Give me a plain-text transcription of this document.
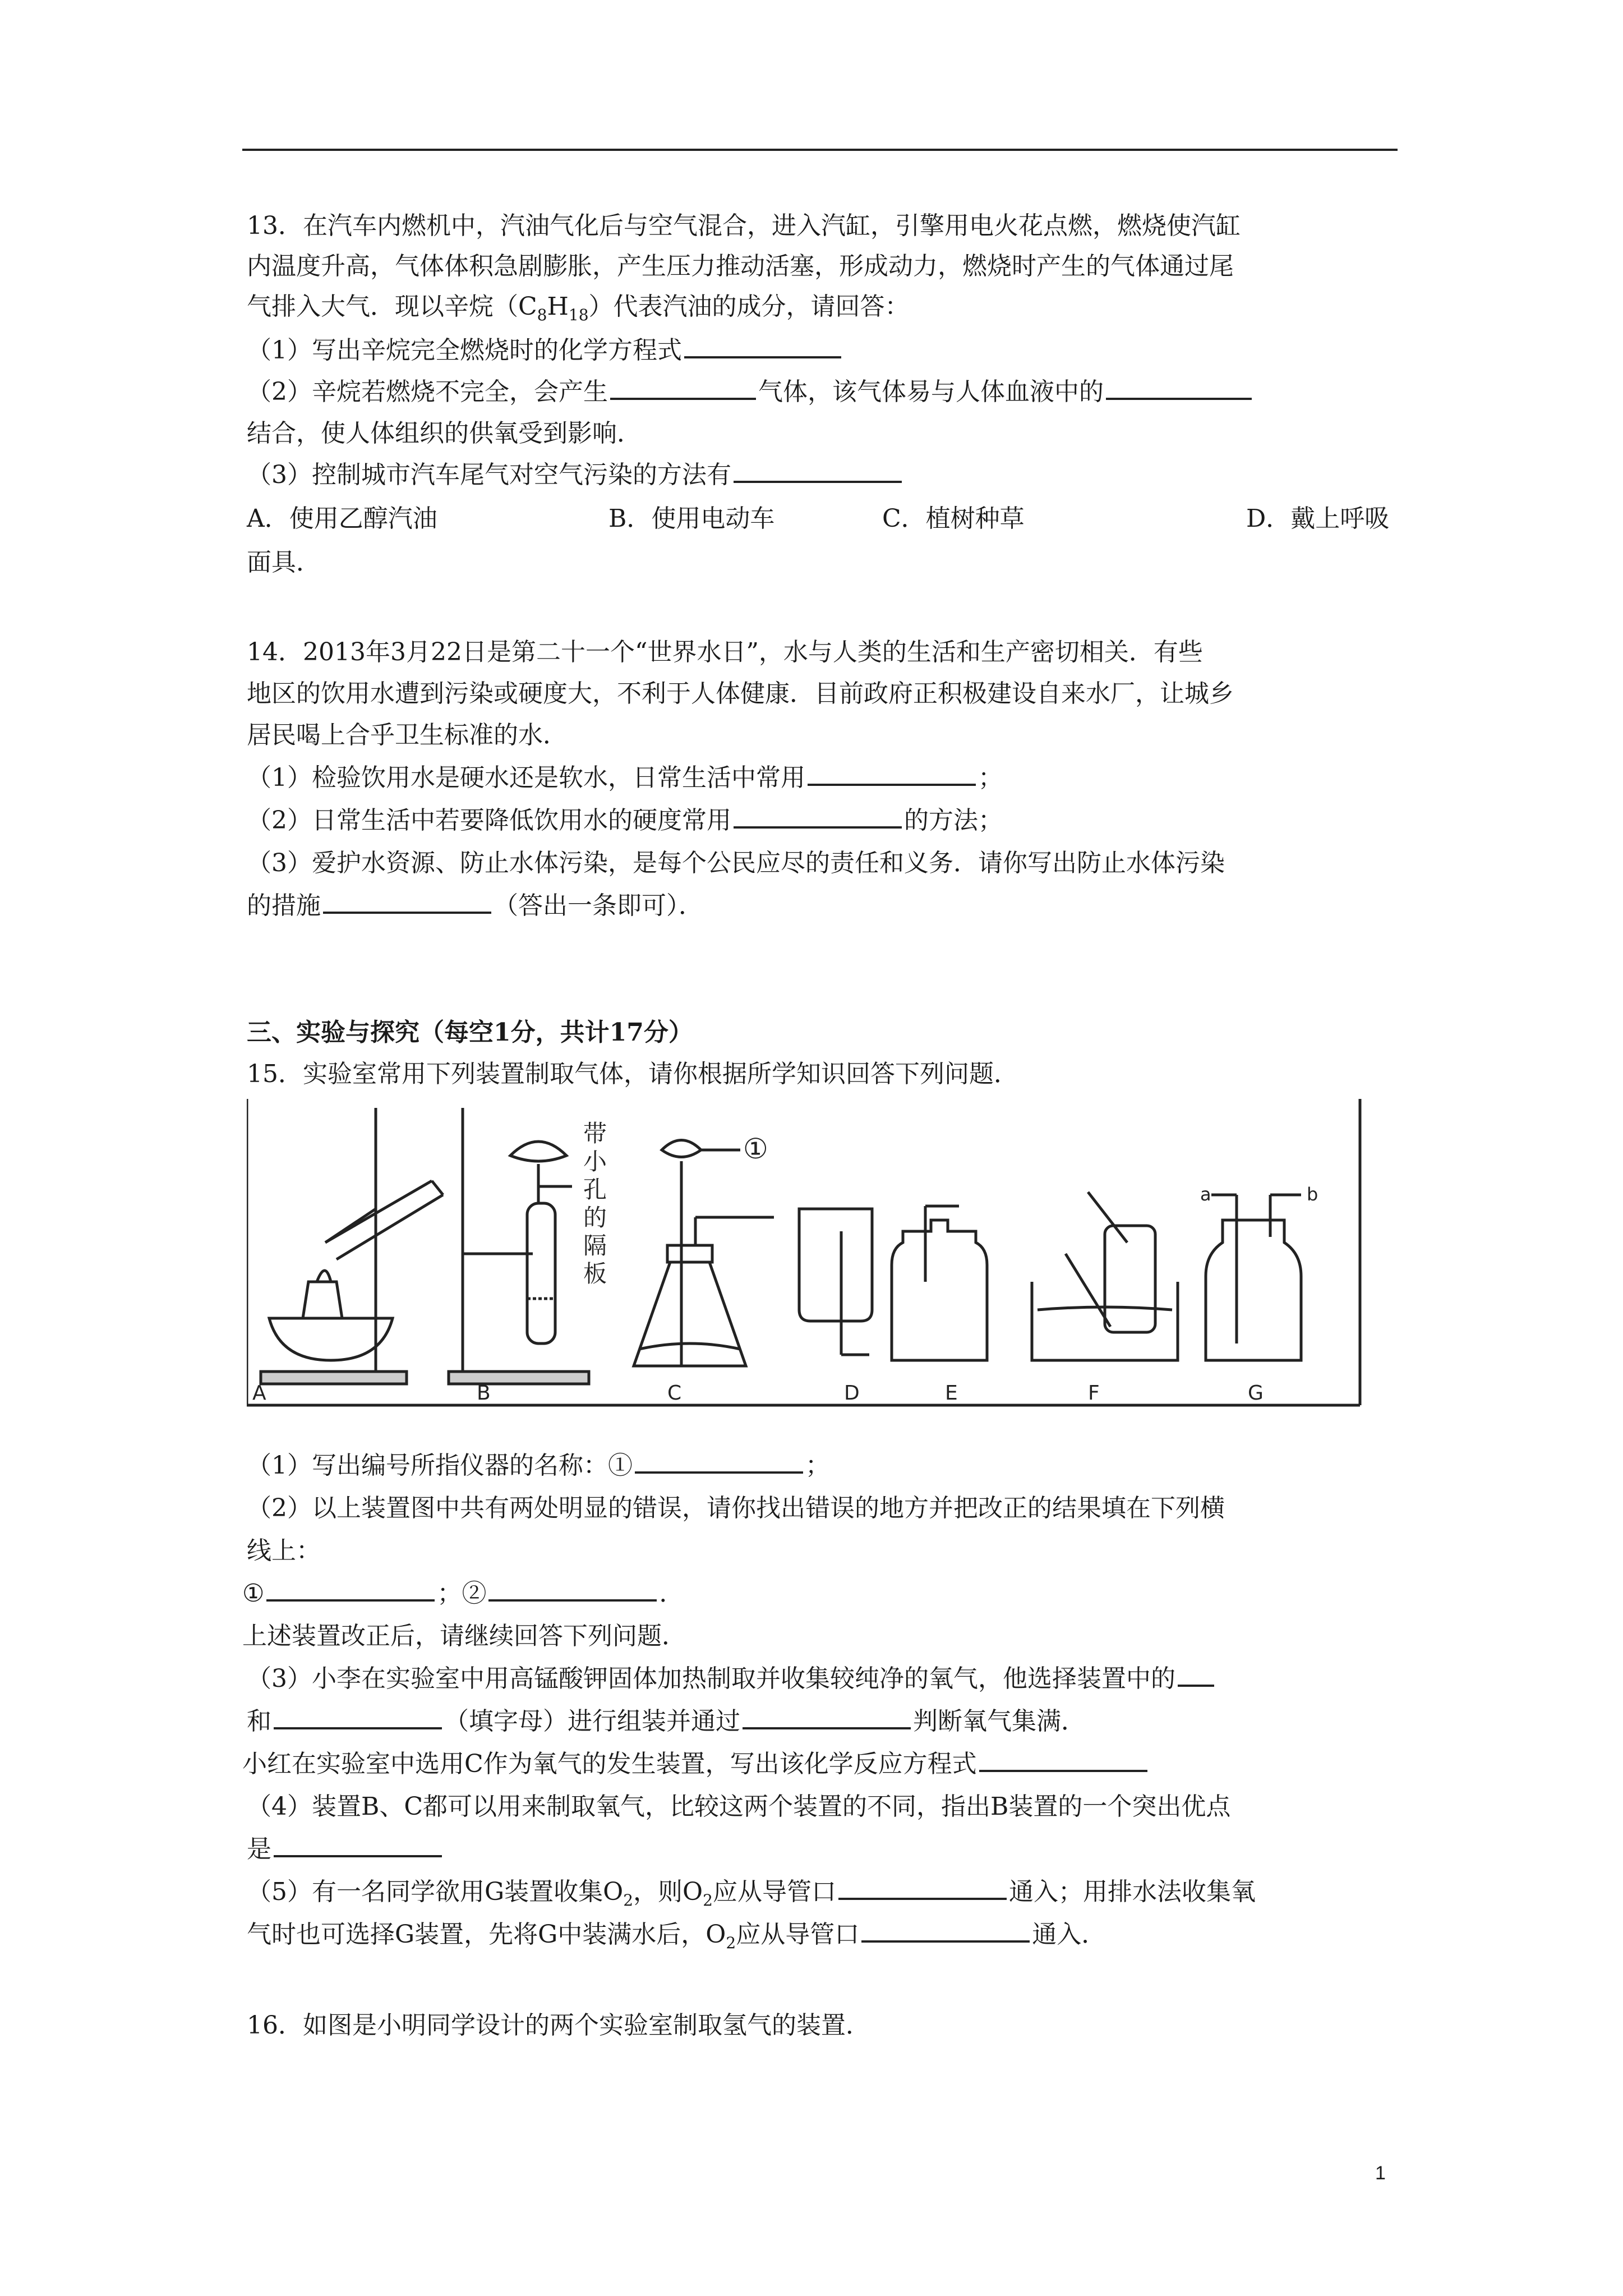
13．在汽车内燃机中，汽油气化后与空气混合，进入汽缸，引擎用电火花点燃，燃烧使汽缸
内温度升高，气体体积急剧膨胀，产生压力推动活塞，形成动力，燃烧时产生的气体通过尾
气排入大气．现以辛烷$(C_8H_{18})$代表汽油的成分，请回答：
（1）写出辛烷完全燃烧时的化学方程式
（2）辛烷若燃烧不完全，会产生	气体，该气体易与人体血液中的
结合，使人体组织的供氧受到影响．
（3）控制城市汽车尾气对空气污染的方法有
A．使用乙醇汽油	B．使用电动车	C．植树种草	D．戴上呼吸
面具．
14．2013年3月22日是第二十一个“世界水日”，水与人类的生活和生产密切相关．有些
地区的饮用水遭到污染或硬度大，不利于人体健康．目前政府正积极建设自来水厂，让城乡
居民喝上合乎卫生标准的水．
（1）检验饮用水是硬水还是软水，日常生活中常用	；
（2）日常生活中若要降低饮用水的硬度常用	的方法；
（3）爱护水资源、防止水体污染，是每个公民应尽的责任和义务．请你写出防止水体污染
的措施	（答出一条即可）．
三、实验与探究（每空1分，共计17分）
15．实验室常用下列装置制取气体，请你根据所学知识回答下列问题．
带
小
孔
的
隔
板
①
a	b
A	B	C	D	E	F	G
（1）写出编号所指仪器的名称：①	；
（2）以上装置图中共有两处明显的错误，请你找出错误的地方并把改正的结果填在下列横
线上：
①	；②	．
上述装置改正后，请继续回答下列问题．
（3）小李在实验室中用高锰酸钾固体加热制取并收集较纯净的氧气，他选择装置中的
和	（填字母）进行组装并通过	判断氧气集满．
小红在实验室中选用C作为氧气的发生装置，写出该化学反应方程式
（4）装置B、C都可以用来制取氧气，比较这两个装置的不同，指出B装置的一个突出优点
是
（5）有一名同学欲用G装置收集$O_2$，则$O_2$应从导管口	通入；用排水法收集氧
气时也可选择G装置，先将G中装满水后，$O_2$应从导管口	通入．
16．如图是小明同学设计的两个实验室制取氢气的装置．
1
